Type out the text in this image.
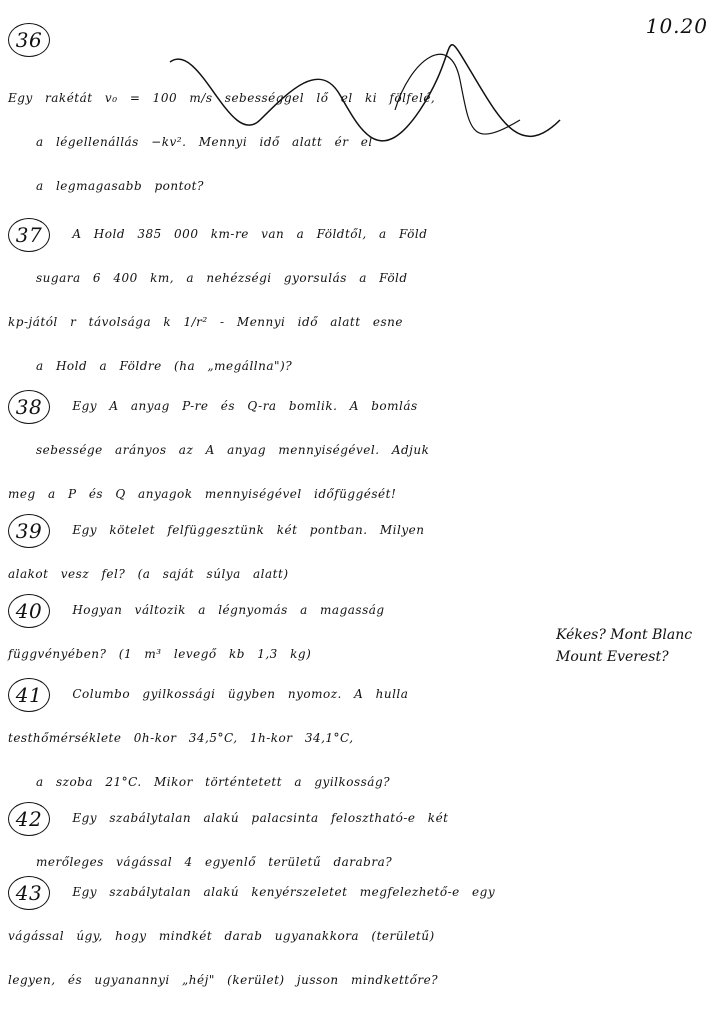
10.20
36
Egy rakétát v₀ = 100 m/s sebességgel lő el ki fölfelé,
a légellenállás −kv². Mennyi idő alatt ér el
a legmagasabb pontot?
37	A Hold 385 000 km-re van a Földtől, a Föld
sugara 6 400 km, a nehézségi gyorsulás a Föld
kp-jától r távolsága k 1/r² - Mennyi idő alatt esne
a Hold a Földre (ha „megállna")?
38	Egy A anyag P-re és Q-ra bomlik. A bomlás
sebessége arányos az A anyag mennyiségével. Adjuk
meg a P és Q anyagok mennyiségével időfüggését!
39	Egy kötelet felfüggesztünk két pontban. Milyen
alakot vesz fel? (a saját súlya alatt)
40	Hogyan változik a légnyomás a magasság
függvényében? (1 m³ levegő kb 1,3 kg)
Kékes? Mont Blanc
Mount Everest?
41	Columbo gyilkossági ügyben nyomoz. A hulla
testhőmérséklete 0h-kor 34,5°C, 1h-kor 34,1°C,
a szoba 21°C. Mikor történtetett a gyilkosság?
42	Egy szabálytalan alakú palacsinta felosztható-e két
merőleges vágással 4 egyenlő területű darabra?
43	Egy szabálytalan alakú kenyérszeletet megfelezhető-e egy
vágással úgy, hogy mindkét darab ugyanakkora (területű)
legyen, és ugyanannyi „héj" (kerület) jusson mindkettőre?
